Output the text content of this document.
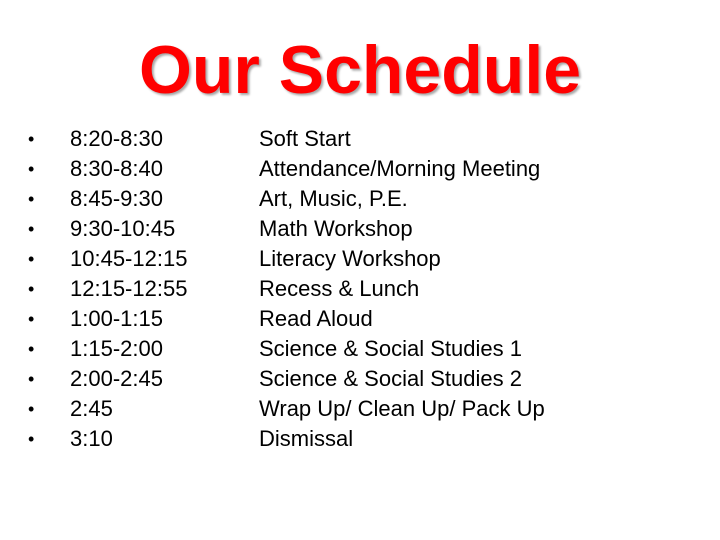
Our Schedule
•	8:20-8:30	Soft Start
•	8:30-8:40	Attendance/Morning Meeting
•	8:45-9:30	Art, Music, P.E.
•	9:30-10:45	Math Workshop
•	10:45-12:15	Literacy Workshop
•	12:15-12:55	Recess & Lunch
•	1:00-1:15	Read Aloud
•	1:15-2:00	Science & Social Studies 1
•	2:00-2:45	Science & Social Studies 2
•	2:45	Wrap Up/ Clean Up/ Pack Up
•	3:10	Dismissal
